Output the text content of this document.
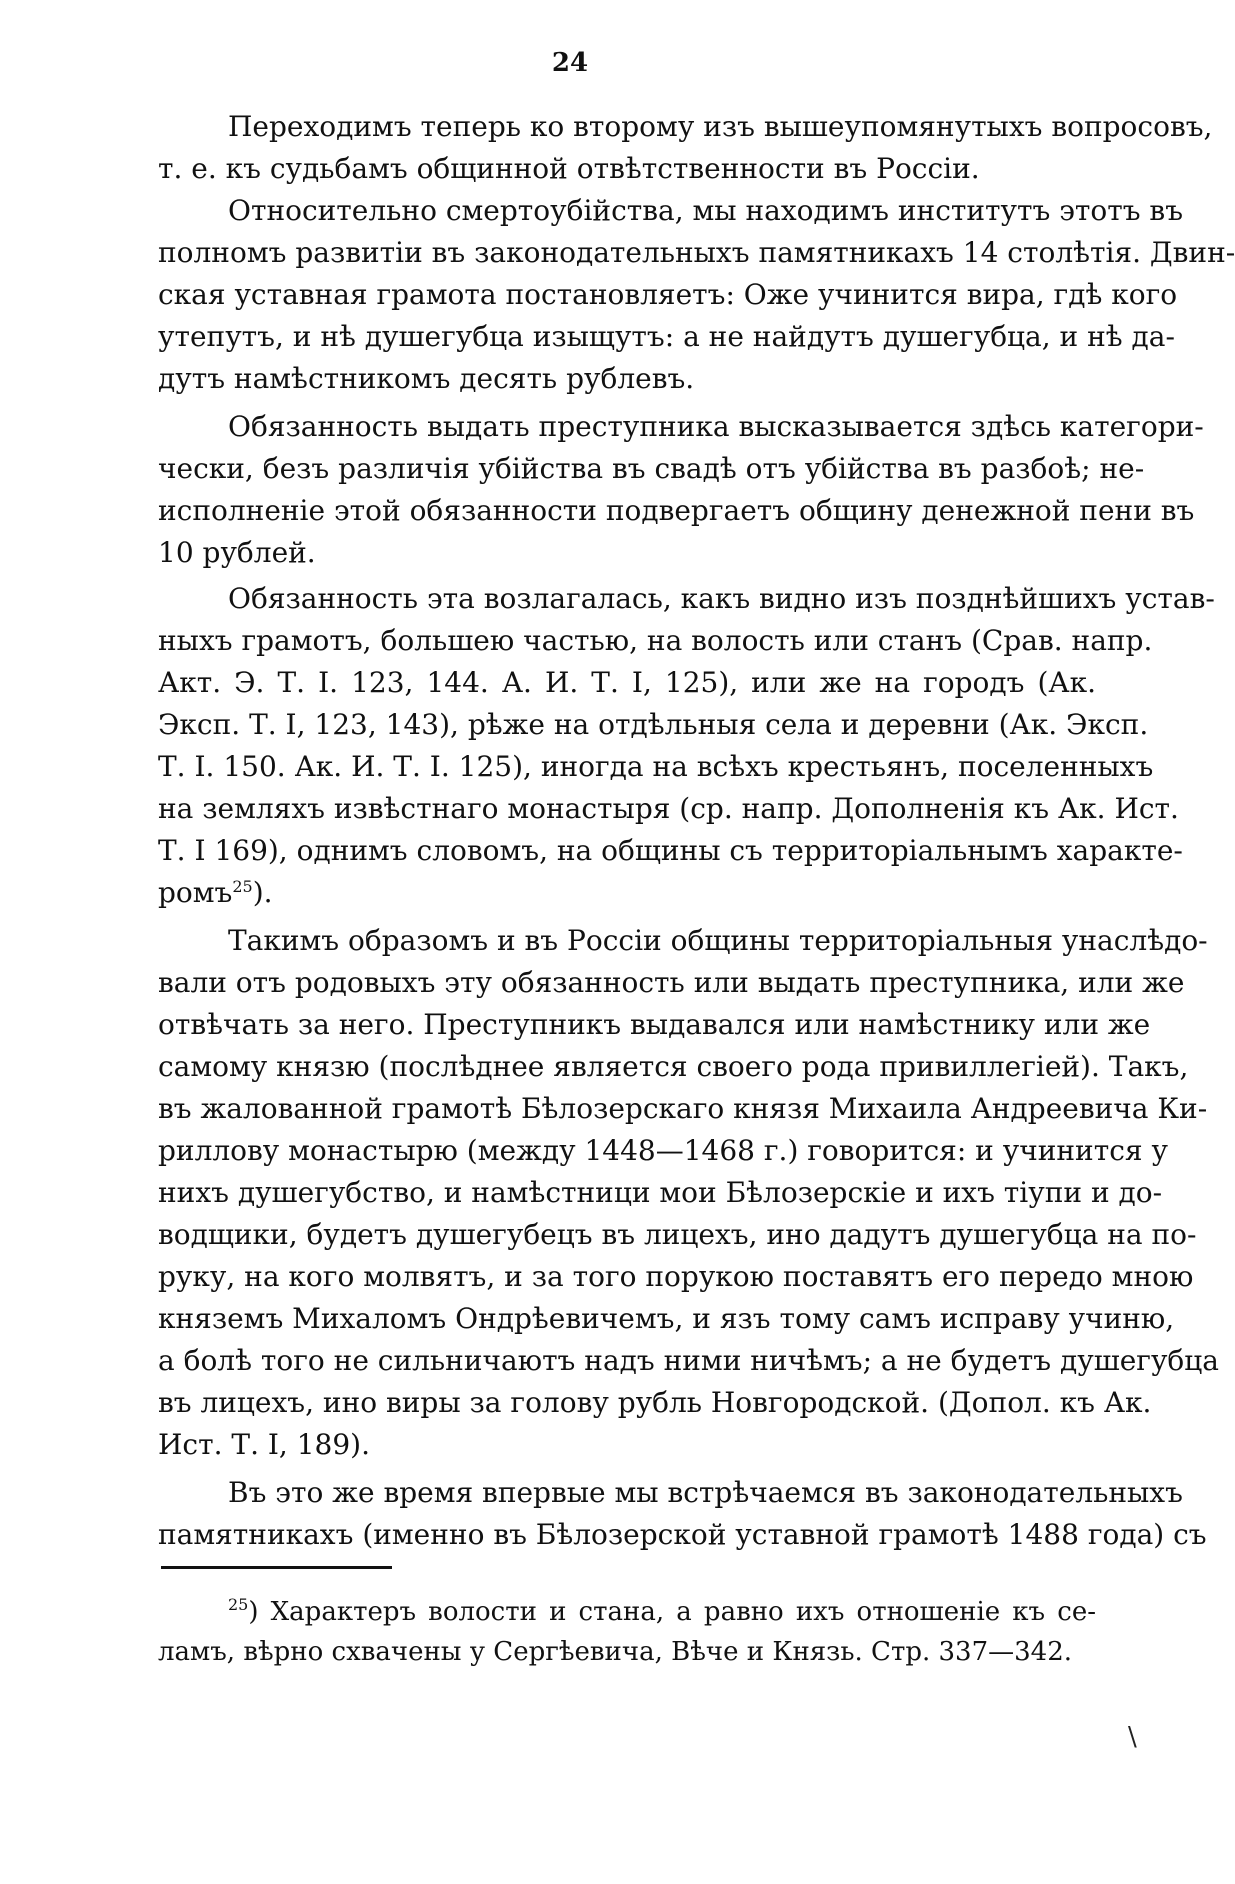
24
Переходимъ теперь ко второму изъ вышеупомянутыхъ вопросовъ,
т. е. къ судьбамъ общинной отвѣтственности въ Россіи.
Относительно смертоубійства, мы находимъ институтъ этотъ въ
полномъ развитіи въ законодательныхъ памятникахъ 14 столѣтія. Двин-
ская уставная грамота постановляетъ: Оже учинится вира, гдѣ кого
утепутъ, и нѣ душегубца изыщутъ: а не найдутъ душегубца, и нѣ да-
дутъ намѣстникомъ десять рублевъ.
Обязанность выдать преступника высказывается здѣсь категори-
чески, безъ различія убійства въ свадѣ отъ убійства въ разбоѣ; не-
исполненіе этой обязанности подвергаетъ общину денежной пени въ
10 рублей.
Обязанность эта возлагалась, какъ видно изъ позднѣйшихъ устав-
ныхъ грамотъ, большею частью, на волость или станъ (Срав. напр.
Акт. Э. Т. I. 123, 144. А. И. Т. I, 125), или же на городъ (Ак.
Эксп. Т. I, 123, 143), рѣже на отдѣльныя села и деревни (Ак. Эксп.
Т. I. 150. Ак. И. Т. I. 125), иногда на всѣхъ крестьянъ, поселенныхъ
на земляхъ извѣстнаго монастыря (ср. напр. Дополненія къ Ак. Ист.
Т. I 169), однимъ словомъ, на общины съ территоріальнымъ характе-
ромъ$^{25}$).
Такимъ образомъ и въ Россіи общины территоріальныя унаслѣдо-
вали отъ родовыхъ эту обязанность или выдать преступника, или же
отвѣчать за него. Преступникъ выдавался или намѣстнику или же
самому князю (послѣднее является своего рода привиллегіей). Такъ,
въ жалованной грамотѣ Бѣлозерскаго князя Михаила Андреевича Ки-
риллову монастырю (между 1448—1468 г.) говорится: и учинится у
нихъ душегубство, и намѣстници мои Бѣлозерскіе и ихъ тіупи и до-
водщики, будетъ душегубецъ въ лицехъ, ино дадутъ душегубца на по-
руку, на кого молвятъ, и за того порукою поставятъ его передо мною
княземъ Михаломъ Ондрѣевичемъ, и язъ тому самъ исправу учиню,
а болѣ того не сильничаютъ надъ ними ничѣмъ; а не будетъ душегубца
въ лицехъ, ино виры за голову рубль Новгородской. (Допол. къ Ак.
Ист. Т. I, 189).
Въ это же время впервые мы встрѣчаемся въ законодательныхъ
памятникахъ (именно въ Бѣлозерской уставной грамотѣ 1488 года) съ
$^{25}$) Характеръ волости и стана, а равно ихъ отношеніе къ се-
ламъ, вѣрно схвачены у Сергѣевича, Вѣче и Князь. Стр. 337—342.
\
